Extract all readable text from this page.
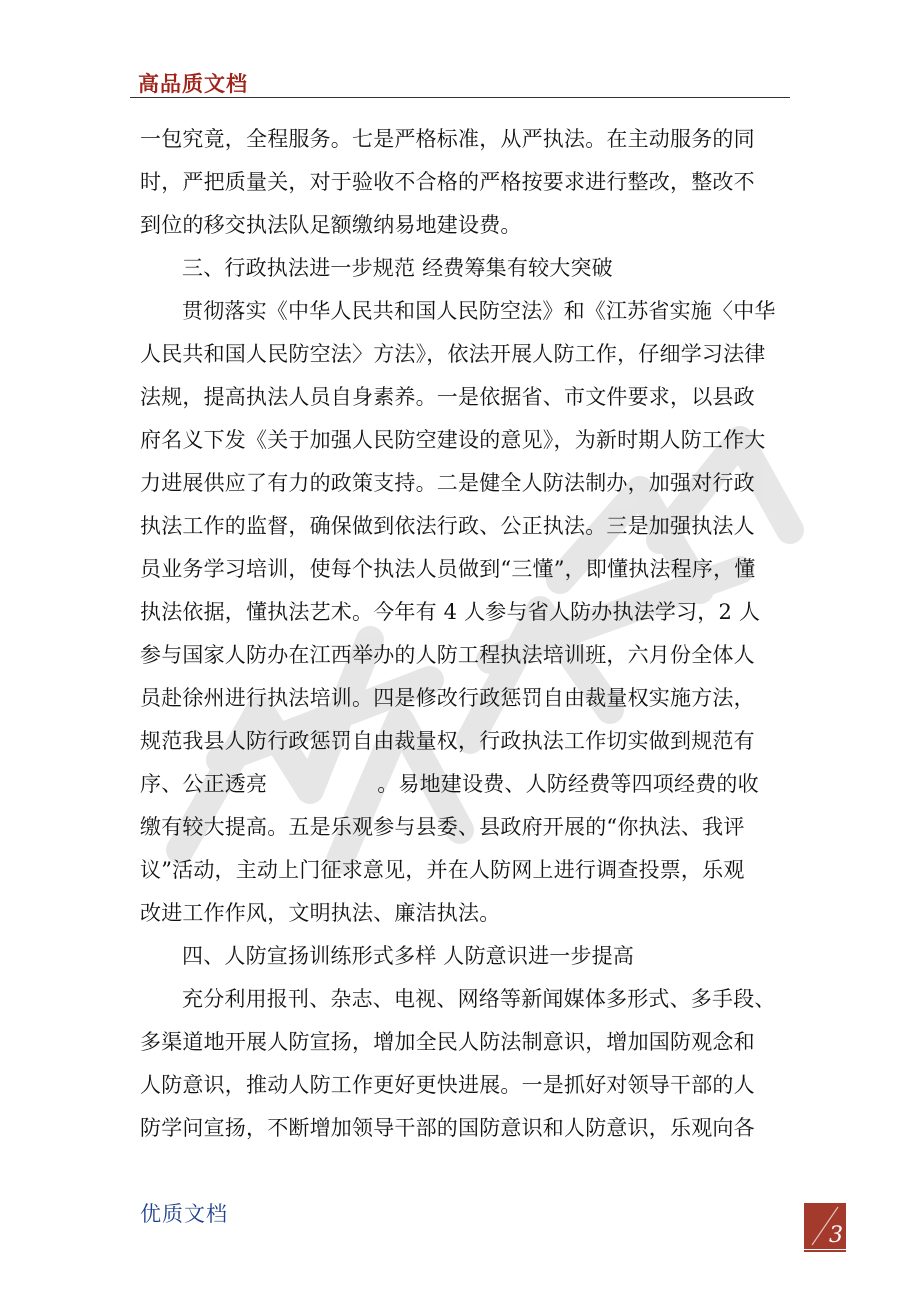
高品质文档
一包究竟，全程服务。七是严格标准，从严执法。在主动服务的同
时，严把质量关，对于验收不合格的严格按要求进行整改，整改不
到位的移交执法队足额缴纳易地建设费。
三、行政执法进一步规范 经费筹集有较大突破
贯彻落实《中华人民共和国人民防空法》和《江苏省实施〈中华
人民共和国人民防空法〉方法》，依法开展人防工作，仔细学习法律
法规，提高执法人员自身素养。一是依据省、市文件要求，以县政
府名义下发《关于加强人民防空建设的意见》，为新时期人防工作大
力进展供应了有力的政策支持。二是健全人防法制办，加强对行政
执法工作的监督，确保做到依法行政、公正执法。三是加强执法人
员业务学习培训，使每个执法人员做到“三懂”，即懂执法程序，懂
执法依据，懂执法艺术。今年有 4 人参与省人防办执法学习，2 人
参与国家人防办在江西举办的人防工程执法培训班，六月份全体人
员赴徐州进行执法培训。四是修改行政惩罚自由裁量权实施方法，
规范我县人防行政惩罚自由裁量权，行政执法工作切实做到规范有
序、公正透亮	。易地建设费、人防经费等四项经费的收
缴有较大提高。五是乐观参与县委、县政府开展的“你执法、我评
议”活动，主动上门征求意见，并在人防网上进行调查投票，乐观
改进工作作风，文明执法、廉洁执法。
四、人防宣扬训练形式多样 人防意识进一步提高
充分利用报刊、杂志、电视、网络等新闻媒体多形式、多手段、
多渠道地开展人防宣扬，增加全民人防法制意识，增加国防观念和
人防意识，推动人防工作更好更快进展。一是抓好对领导干部的人
防学问宣扬，不断增加领导干部的国防意识和人防意识，乐观向各
优质文档
3
